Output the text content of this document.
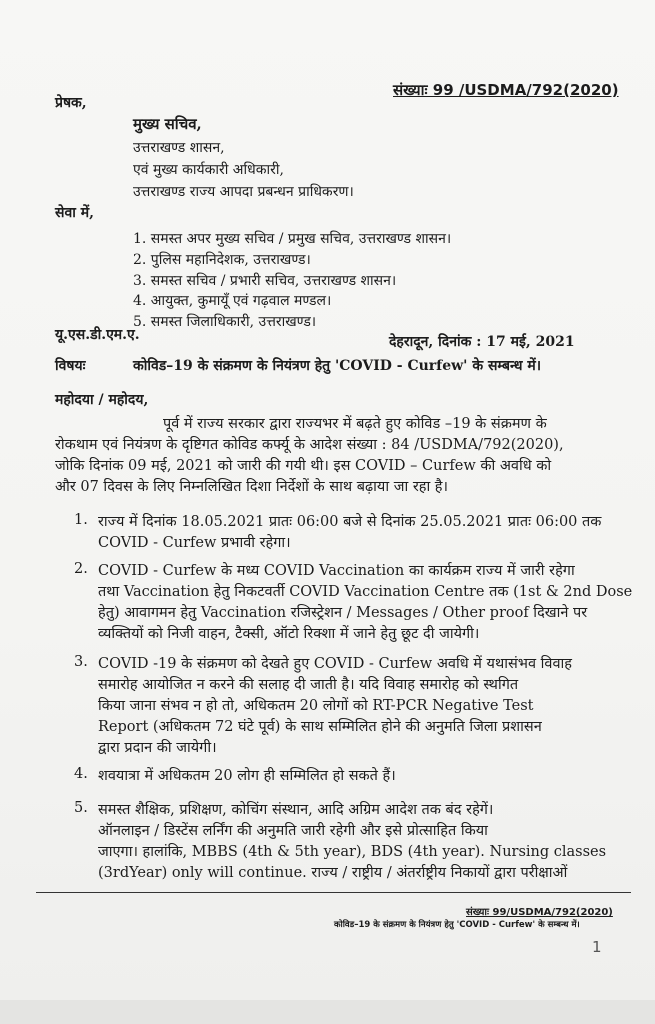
संख्याः 99 /USDMA/792(2020)
प्रेषक,
मुख्य सचिव,
उत्तराखण्ड शासन,
एवं मुख्य कार्यकारी अधिकारी,
उत्तराखण्ड राज्य आपदा प्रबन्धन प्राधिकरण।
सेवा में,
1. समस्त अपर मुख्य सचिव / प्रमुख सचिव, उत्तराखण्ड शासन।
2. पुलिस महानिदेशक, उत्तराखण्ड।
3. समस्त सचिव / प्रभारी सचिव, उत्तराखण्ड शासन।
4. आयुक्त, कुमायूँ एवं गढ़वाल मण्डल।
5. समस्त जिलाधिकारी, उत्तराखण्ड।
यू.एस.डी.एम.ए.	देहरादून, दिनांक : 17 मई, 2021
विषयः	कोविड–19 के संक्रमण के नियंत्रण हेतु 'COVID - Curfew' के सम्बन्ध में।
महोदया / महोदय,
पूर्व में राज्य सरकार द्वारा राज्यभर में बढ़ते हुए कोविड –19 के संक्रमण के
रोकथाम एवं नियंत्रण के दृष्टिगत कोविड कर्फ्यू के आदेश संख्या : 84 /USDMA/792(2020),
जोकि दिनांक 09 मई, 2021 को जारी की गयी थी। इस COVID – Curfew की अवधि को
और 07 दिवस के लिए निम्नलिखित दिशा निर्देशों के साथ बढ़ाया जा रहा है।
1. राज्य में दिनांक 18.05.2021 प्रातः 06:00 बजे से दिनांक 25.05.2021 प्रातः 06:00 तक
COVID - Curfew प्रभावी रहेगा।
2. COVID - Curfew के मध्य COVID Vaccination का कार्यक्रम राज्य में जारी रहेगा
तथा Vaccination हेतु निकटवर्ती COVID Vaccination Centre तक (1st & 2nd Dose
हेतु) आवागमन हेतु Vaccination रजिस्ट्रेशन / Messages / Other proof दिखाने पर
व्यक्तियों को निजी वाहन, टैक्सी, ऑटो रिक्शा में जाने हेतु छूट दी जायेगी।
3. COVID -19 के संक्रमण को देखते हुए COVID - Curfew अवधि में यथासंभव विवाह
समारोह आयोजित न करने की सलाह दी जाती है। यदि विवाह समारोह को स्थगित
किया जाना संभव न हो तो, अधिकतम 20 लोगों को RT-PCR Negative Test
Report (अधिकतम 72 घंटे पूर्व) के साथ सम्मिलित होने की अनुमति जिला प्रशासन
द्वारा प्रदान की जायेगी।
4. शवयात्रा में अधिकतम 20 लोग ही सम्मिलित हो सकते हैं।
5. समस्त शैक्षिक, प्रशिक्षण, कोचिंग संस्थान, आदि अग्रिम आदेश तक बंद रहेगें।
ऑनलाइन / डिस्टेंस लर्निंग की अनुमति जारी रहेगी और इसे प्रोत्साहित किया
जाएगा। हालांकि, MBBS (4th & 5th year), BDS (4th year). Nursing classes
(3rdYear) only will continue. राज्य / राष्ट्रीय / अंतर्राष्ट्रीय निकायों द्वारा परीक्षाओं
संख्याः 99/USDMA/792(2020)
कोविड–19 के संक्रमण के नियंत्रण हेतु 'COVID - Curfew' के सम्बन्ध में।
1
